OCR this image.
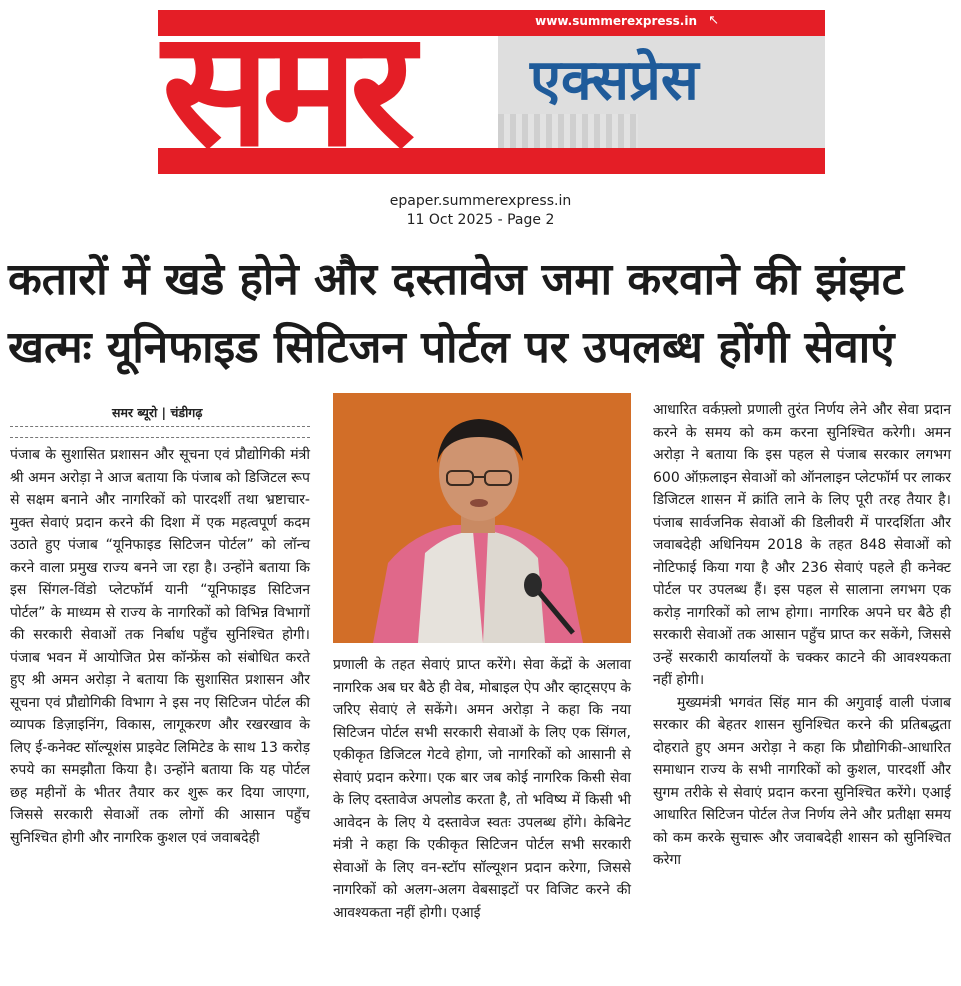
समर एक्सप्रेस
www.summerexpress.in ↖
epaper.summerexpress.in
11 Oct 2025 - Page 2
कतारों में खडे होने और दस्तावेज जमा करवाने की झंझट
खत्मः यूनिफाइड सिटिजन पोर्टल पर उपलब्ध होंगी सेवाएं
समर ब्यूरो | चंडीगढ़

पंजाब के सुशासित प्रशासन और सूचना एवं प्रौद्योगिकी मंत्री श्री अमन अरोड़ा ने आज बताया कि पंजाब को डिजिटल रूप से सक्षम बनाने और नागरिकों को पारदर्शी तथा भ्रष्टाचार-मुक्त सेवाएं प्रदान करने की दिशा में एक महत्वपूर्ण कदम उठाते हुए पंजाब “यूनिफाइड सिटिजन पोर्टल” को लॉन्च करने वाला प्रमुख राज्य बनने जा रहा है। उन्होंने बताया कि इस सिंगल-विंडो प्लेटफॉर्म यानी “यूनिफाइड सिटिजन पोर्टल” के माध्यम से राज्य के नागरिकों को विभिन्न विभागों की सरकारी सेवाओं तक निर्बाध पहुँच सुनिश्चित होगी। पंजाब भवन में आयोजित प्रेस कॉन्फ्रेंस को संबोधित करते हुए श्री अमन अरोड़ा ने बताया कि सुशासित प्रशासन और सूचना एवं प्रौद्योगिकी विभाग ने इस नए सिटिजन पोर्टल की व्यापक डिज़ाइनिंग, विकास, लागूकरण और रखरखाव के लिए ई-कनेक्ट सॉल्यूशंस प्राइवेट लिमिटेड के साथ 13 करोड़ रुपये का समझौता किया है। उन्होंने बताया कि यह पोर्टल छह महीनों के भीतर तैयार कर शुरू कर दिया जाएगा, जिससे सरकारी सेवाओं तक लोगों की आसान पहुँच सुनिश्चित होगी और नागरिक कुशल एवं जवाबदेही

प्रणाली के तहत सेवाएं प्राप्त करेंगे। सेवा केंद्रों के अलावा नागरिक अब घर बैठे ही वेब, मोबाइल ऐप और व्हाट्सएप के जरिए सेवाएं ले सकेंगे। अमन अरोड़ा ने कहा कि नया सिटिजन पोर्टल सभी सरकारी सेवाओं के लिए एक सिंगल, एकीकृत डिजिटल गेटवे होगा, जो नागरिकों को आसानी से सेवाएं प्रदान करेगा। एक बार जब कोई नागरिक किसी सेवा के लिए दस्तावेज अपलोड करता है, तो भविष्य में किसी भी आवेदन के लिए ये दस्तावेज स्वतः उपलब्ध होंगे। केबिनेट मंत्री ने कहा कि एकीकृत सिटिजन पोर्टल सभी सरकारी सेवाओं के लिए वन-स्टॉप सॉल्यूशन प्रदान करेगा, जिससे नागरिकों को अलग-अलग वेबसाइटों पर विजिट करने की आवश्यकता नहीं होगी। एआई

आधारित वर्कफ़्लो प्रणाली तुरंत निर्णय लेने और सेवा प्रदान करने के समय को कम करना सुनिश्चित करेगी। अमन अरोड़ा ने बताया कि इस पहल से पंजाब सरकार लगभग 600 ऑफ़लाइन सेवाओं को ऑनलाइन प्लेटफॉर्म पर लाकर डिजिटल शासन में क्रांति लाने के लिए पूरी तरह तैयार है। पंजाब सार्वजनिक सेवाओं की डिलीवरी में पारदर्शिता और जवाबदेही अधिनियम 2018 के तहत 848 सेवाओं को नोटिफाई किया गया है और 236 सेवाएं पहले ही कनेक्ट पोर्टल पर उपलब्ध हैं। इस पहल से सालाना लगभग एक करोड़ नागरिकों को लाभ होगा। नागरिक अपने घर बैठे ही सरकारी सेवाओं तक आसान पहुँच प्राप्त कर सकेंगे, जिससे उन्हें सरकारी कार्यालयों के चक्कर काटने की आवश्यकता नहीं होगी।

मुख्यमंत्री भगवंत सिंह मान की अगुवाई वाली पंजाब सरकार की बेहतर शासन सुनिश्चित करने की प्रतिबद्धता दोहराते हुए अमन अरोड़ा ने कहा कि प्रौद्योगिकी-आधारित समाधान राज्य के सभी नागरिकों को कुशल, पारदर्शी और सुगम तरीके से सेवाएं प्रदान करना सुनिश्चित करेंगे। एआई आधारित सिटिजन पोर्टल तेज निर्णय लेने और प्रतीक्षा समय को कम करके सुचारू और जवाबदेही शासन को सुनिश्चित करेगा
